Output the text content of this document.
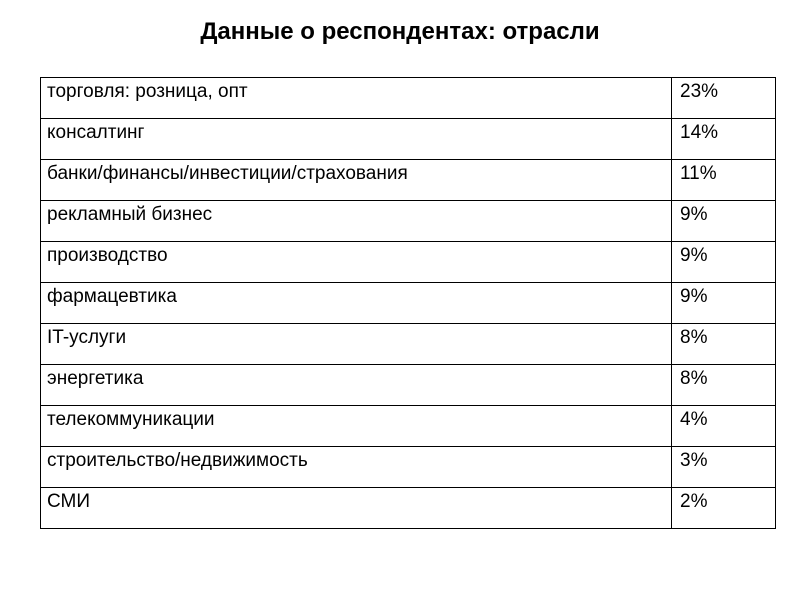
Данные о респондентах: отрасли
торговля: розница, опт	23%
консалтинг	14%
банки/финансы/инвестиции/страхования	11%
рекламный бизнес	9%
производство	9%
фармацевтика	9%
IT-услуги	8%
энергетика	8%
телекоммуникации	4%
строительство/недвижимость	3%
СМИ	2%
